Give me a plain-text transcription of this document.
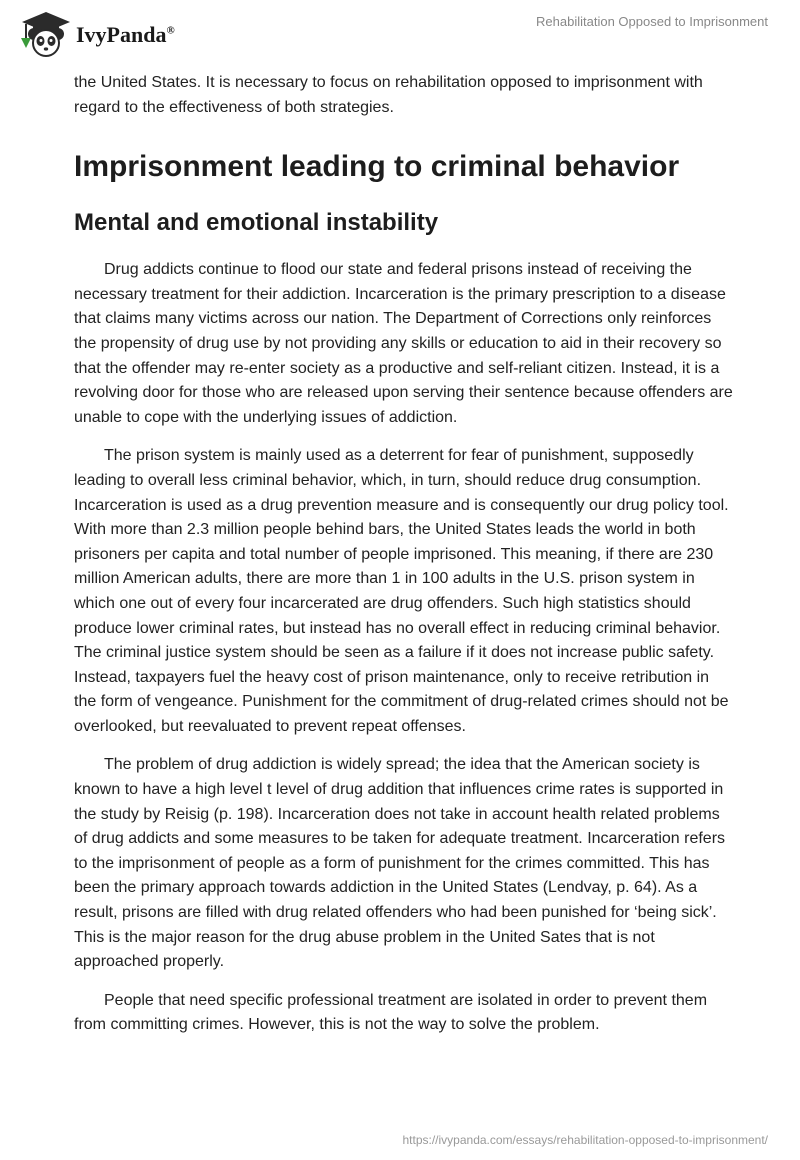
IvyPanda®
Rehabilitation Opposed to Imprisonment

the United States. It is necessary to focus on rehabilitation opposed to imprisonment with regard to the effectiveness of both strategies.

Imprisonment leading to criminal behavior
Mental and emotional instability

Drug addicts continue to flood our state and federal prisons instead of receiving the necessary treatment for their addiction. Incarceration is the primary prescription to a disease that claims many victims across our nation. The Department of Corrections only reinforces the propensity of drug use by not providing any skills or education to aid in their recovery so that the offender may re-enter society as a productive and self-reliant citizen. Instead, it is a revolving door for those who are released upon serving their sentence because offenders are unable to cope with the underlying issues of addiction.

The prison system is mainly used as a deterrent for fear of punishment, supposedly leading to overall less criminal behavior, which, in turn, should reduce drug consumption. Incarceration is used as a drug prevention measure and is consequently our drug policy tool. With more than 2.3 million people behind bars, the United States leads the world in both prisoners per capita and total number of people imprisoned. This meaning, if there are 230 million American adults, there are more than 1 in 100 adults in the U.S. prison system in which one out of every four incarcerated are drug offenders. Such high statistics should produce lower criminal rates, but instead has no overall effect in reducing criminal behavior. The criminal justice system should be seen as a failure if it does not increase public safety. Instead, taxpayers fuel the heavy cost of prison maintenance, only to receive retribution in the form of vengeance. Punishment for the commitment of drug-related crimes should not be overlooked, but reevaluated to prevent repeat offenses.

The problem of drug addiction is widely spread; the idea that the American society is known to have a high level t level of drug addition that influences crime rates is supported in the study by Reisig (p. 198). Incarceration does not take in account health related problems of drug addicts and some measures to be taken for adequate treatment. Incarceration refers to the imprisonment of people as a form of punishment for the crimes committed. This has been the primary approach towards addiction in the United States (Lendvay, p. 64). As a result, prisons are filled with drug related offenders who had been punished for ‘being sick’. This is the major reason for the drug abuse problem in the United Sates that is not approached properly.

People that need specific professional treatment are isolated in order to prevent them from committing crimes. However, this is not the way to solve the problem.

https://ivypanda.com/essays/rehabilitation-opposed-to-imprisonment/
